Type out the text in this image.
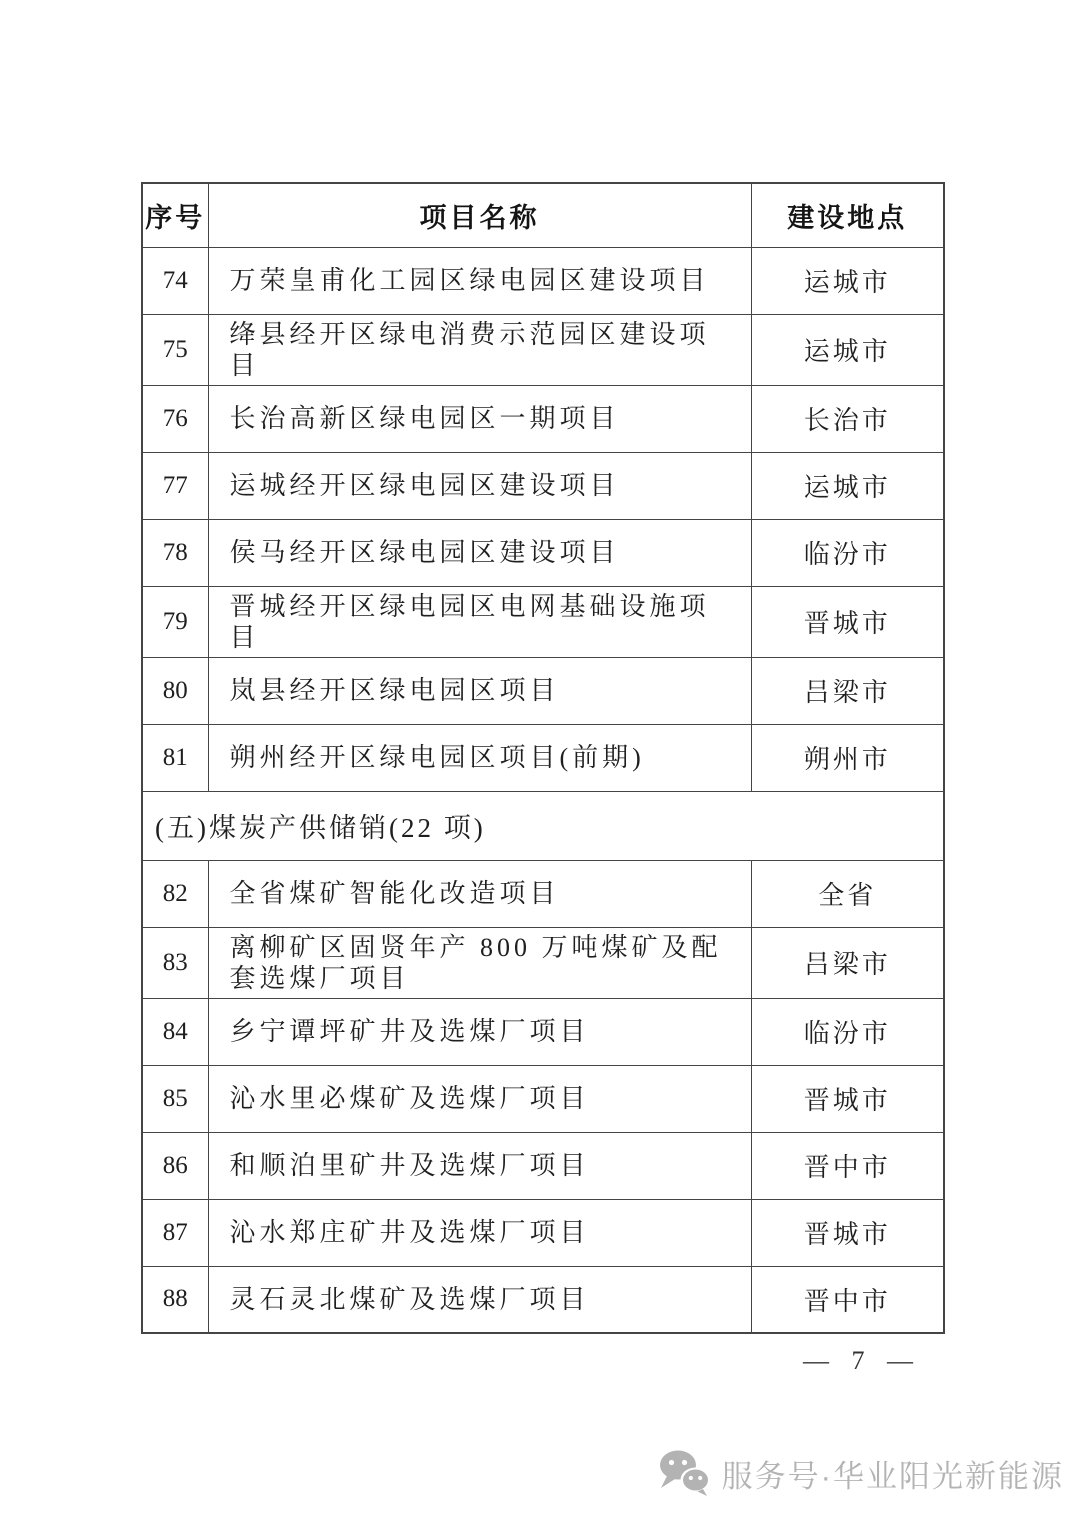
序号	项目名称	建设地点
74	万荣皇甫化工园区绿电园区建设项目	运城市
75	绛县经开区绿电消费示范园区建设项目	运城市
76	长治高新区绿电园区一期项目	长治市
77	运城经开区绿电园区建设项目	运城市
78	侯马经开区绿电园区建设项目	临汾市
79	晋城经开区绿电园区电网基础设施项目	晋城市
80	岚县经开区绿电园区项目	吕梁市
81	朔州经开区绿电园区项目(前期)	朔州市
(五)煤炭产供储销(22 项)		
82	全省煤矿智能化改造项目	全省
83	离柳矿区固贤年产 800 万吨煤矿及配套选煤厂项目	吕梁市
84	乡宁谭坪矿井及选煤厂项目	临汾市
85	沁水里必煤矿及选煤厂项目	晋城市
86	和顺泊里矿井及选煤厂项目	晋中市
87	沁水郑庄矿井及选煤厂项目	晋城市
88	灵石灵北煤矿及选煤厂项目	晋中市
— 7 —
服务号·华业阳光新能源
